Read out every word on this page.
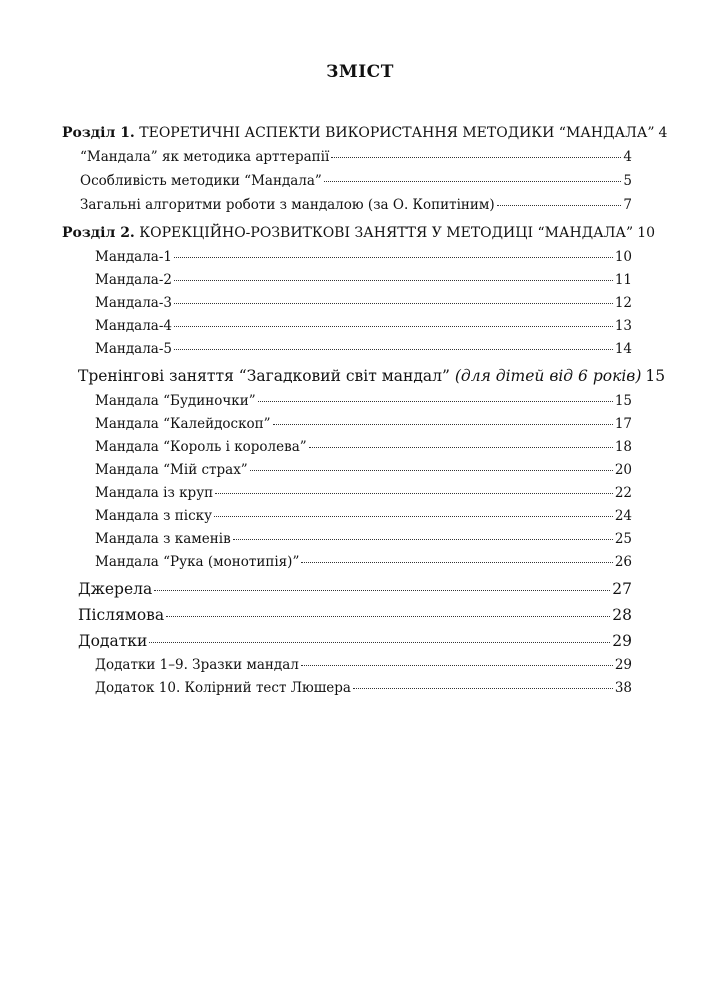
ЗМІСТ
Розділ 1. ТЕОРЕТИЧНІ АСПЕКТИ ВИКОРИСТАННЯ МЕТОДИКИ “МАНДАЛА” 4
“Мандала” як методика арттерапії	4
Особливість методики “Мандала”	5
Загальні алгоритми роботи з мандалою (за О. Копитіним)	7
Розділ 2. КОРЕКЦІЙНО-РОЗВИТКОВІ ЗАНЯТТЯ У МЕТОДИЦІ “МАНДАЛА” 10
Мандала-1	10
Мандала-2	11
Мандала-3	12
Мандала-4	13
Мандала-5	14
Тренінгові заняття “Загадковий світ мандал” (для дітей від 6 років) 15
Мандала “Будиночки”	15
Мандала “Калейдоскоп”	17
Мандала “Король і королева”	18
Мандала “Мій страх”	20
Мандала із круп	22
Мандала з піску	24
Мандала з каменів	25
Мандала “Рука (монотипія)”	26
Джерела	27
Післямова	28
Додатки	29
Додатки 1–9. Зразки мандал	29
Додаток 10. Колірний тест Люшера	38
